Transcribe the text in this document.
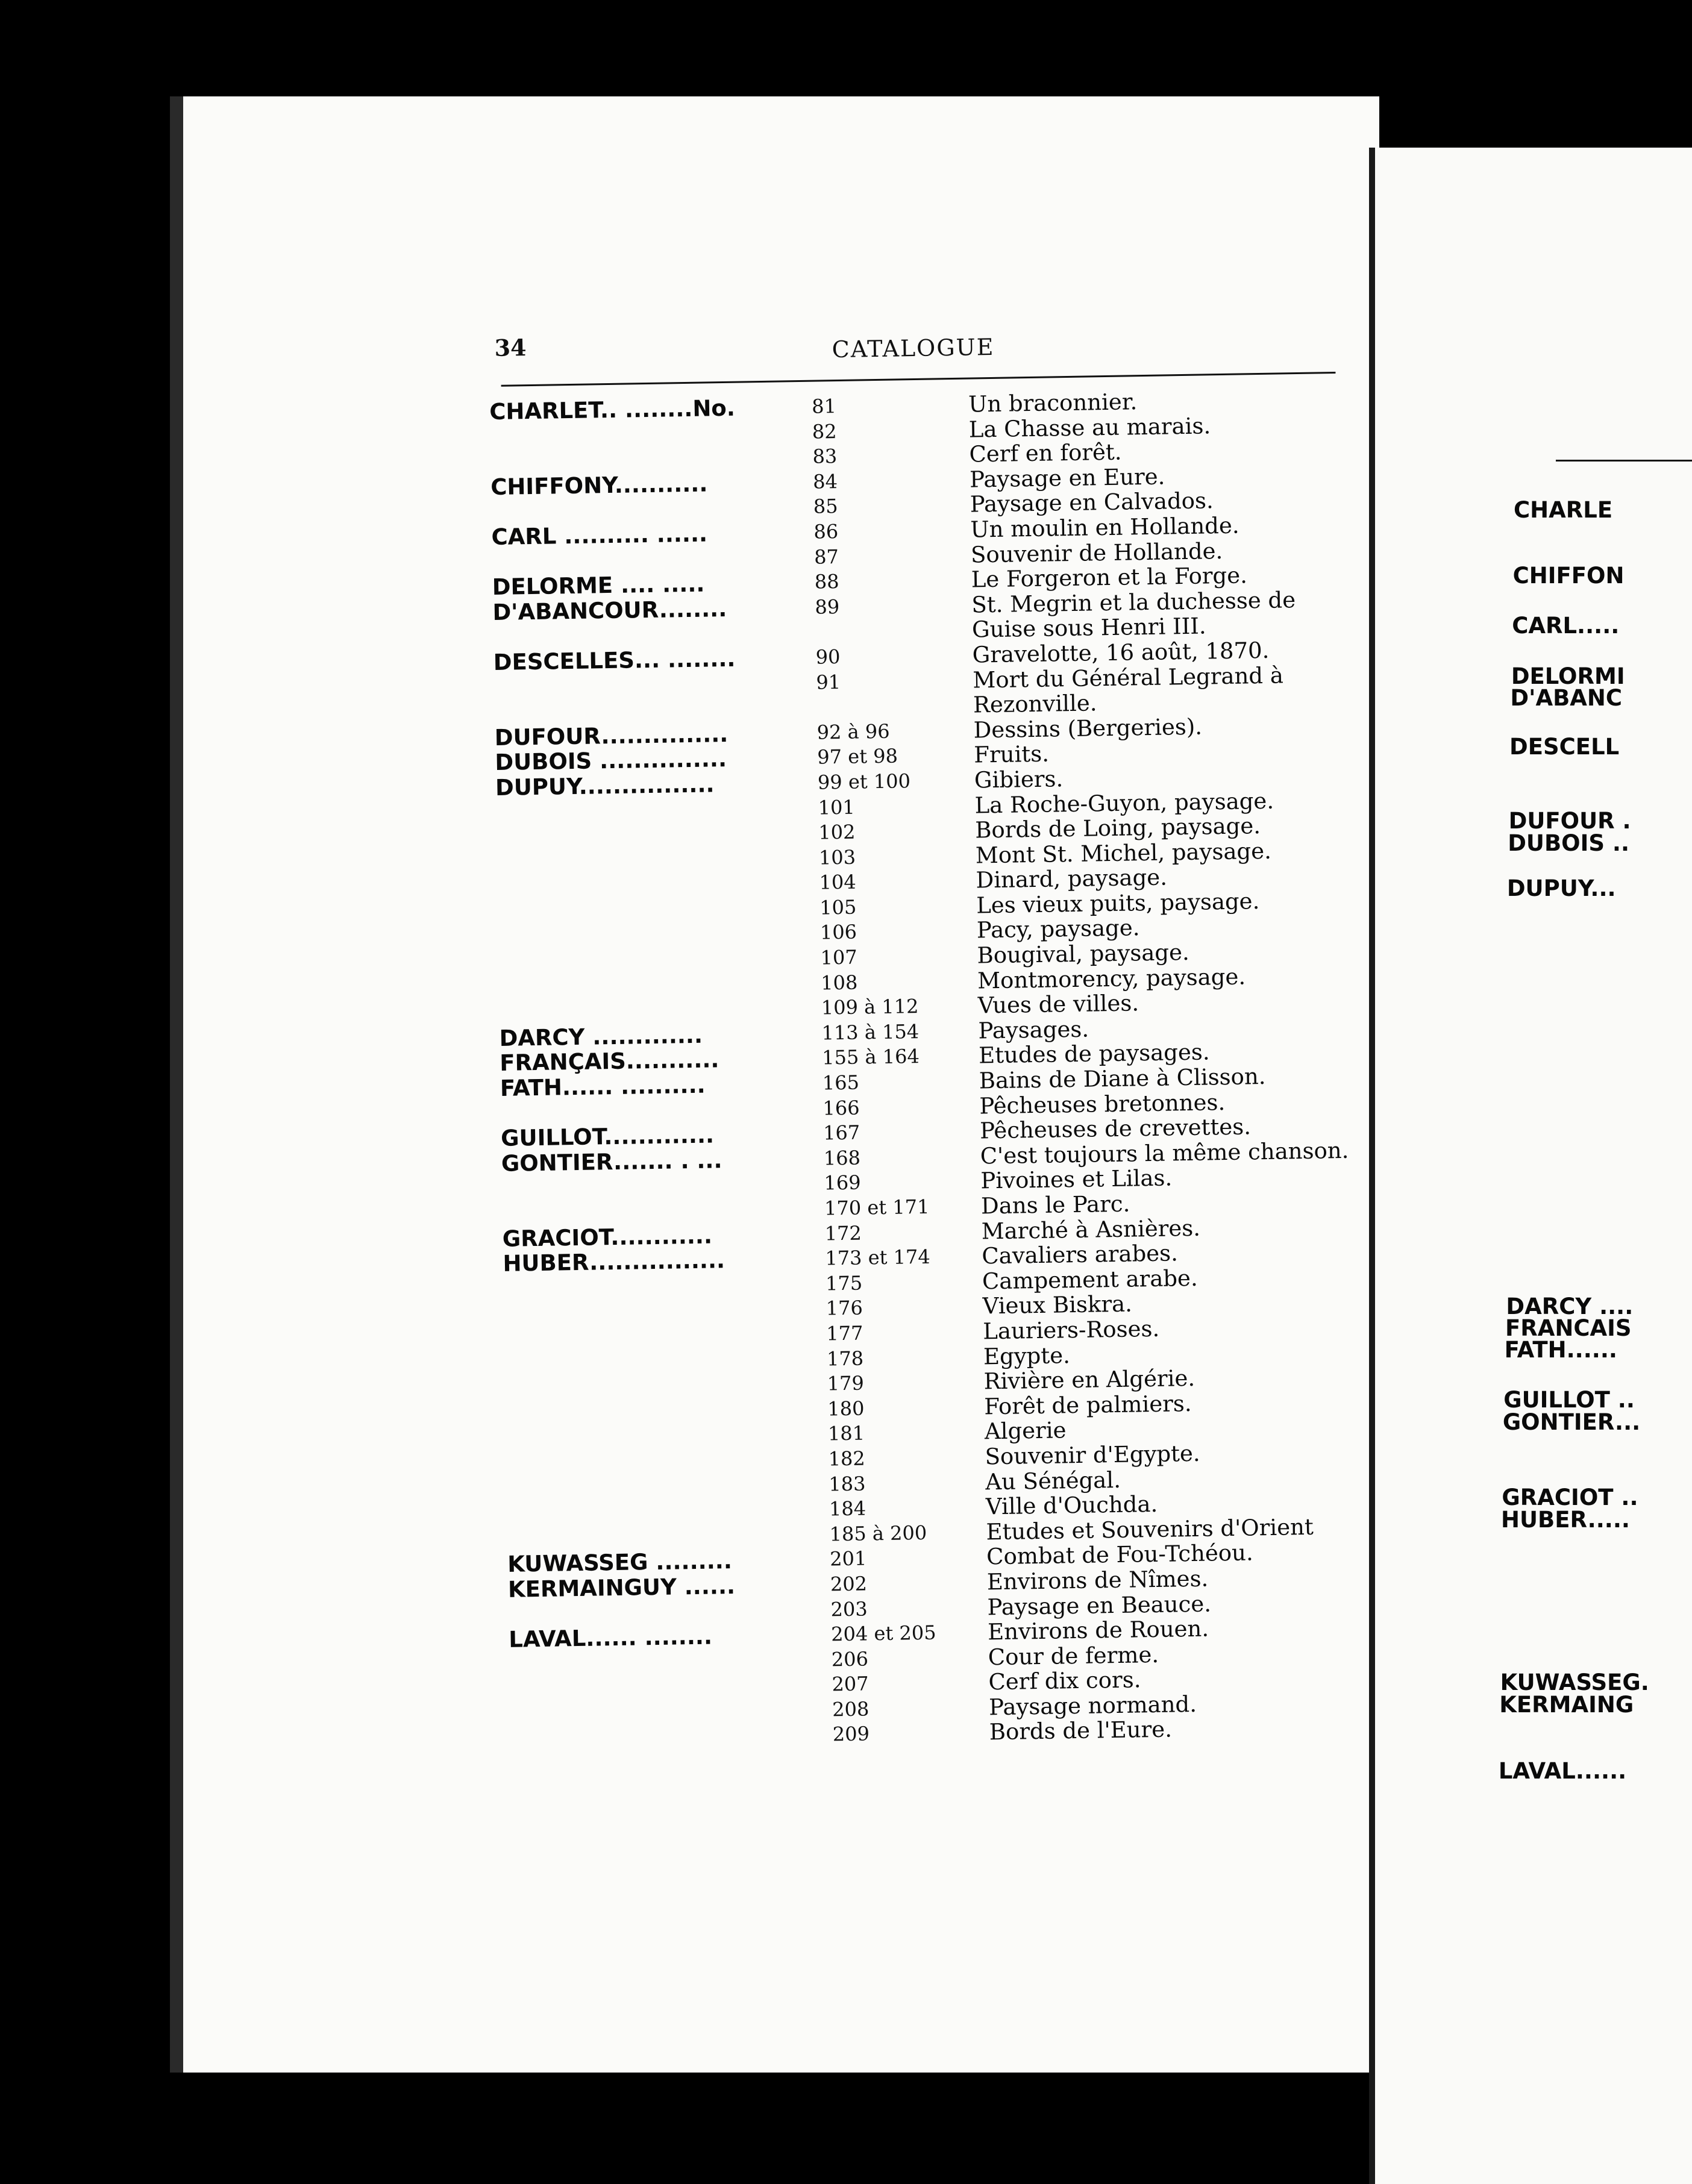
34	CATALOGUE
CHARLET.. ........No.	81	Un braconnier.
82	La Chasse au marais.
83	Cerf en forêt.
CHIFFONY...........	84	Paysage en Eure.
85	Paysage en Calvados.
CARL .......... ......	86	Un moulin en Hollande.
87	Souvenir de Hollande.
DELORME .... .....	88	Le Forgeron et la Forge.
D'ABANCOUR........	89	St. Megrin et la duchesse de
Guise sous Henri III.
DESCELLES... ........	90	Gravelotte, 16 août, 1870.
91	Mort du Général Legrand à
Rezonville.
DUFOUR...............	92 à 96	Dessins (Bergeries).
DUBOIS ...............	97 et 98	Fruits.
DUPUY................	99 et 100	Gibiers.
101	La Roche-Guyon, paysage.
102	Bords de Loing, paysage.
103	Mont St. Michel, paysage.
104	Dinard, paysage.
105	Les vieux puits, paysage.
106	Pacy, paysage.
107	Bougival, paysage.
108	Montmorency, paysage.
109 à 112	Vues de villes.
DARCY .............	113 à 154	Paysages.
FRANÇAIS...........	155 à 164	Etudes de paysages.
FATH...... ..........	165	Bains de Diane à Clisson.
166	Pêcheuses bretonnes.
GUILLOT.............	167	Pêcheuses de crevettes.
GONTIER....... . ...	168	C'est toujours la même chanson.
169	Pivoines et Lilas.
170 et 171	Dans le Parc.
GRACIOT............	172	Marché à Asnières.
HUBER................	173 et 174	Cavaliers arabes.
175	Campement arabe.
176	Vieux Biskra.
177	Lauriers-Roses.
178	Egypte.
179	Rivière en Algérie.
180	Forêt de palmiers.
181	Algerie
182	Souvenir d'Egypte.
183	Au Sénégal.
184	Ville d'Ouchda.
185 à 200	Etudes et Souvenirs d'Orient
KUWASSEG .........	201	Combat de Fou-Tchéou.
KERMAINGUY ......	202	Environs de Nîmes.
203	Paysage en Beauce.
LAVAL...... ........	204 et 205	Environs de Rouen.
206	Cour de ferme.
207	Cerf dix cors.
208	Paysage normand.
209	Bords de l'Eure.
CHARLE
CHIFFON
CARL.....
DELORMI
D'ABANC
DESCELL
DUFOUR .
DUBOIS ..
DUPUY...
DARCY ....
FRANCAIS
FATH......
GUILLOT ..
GONTIER...
GRACIOT ..
HUBER.....
KUWASSEG.
KERMAING
LAVAL......
